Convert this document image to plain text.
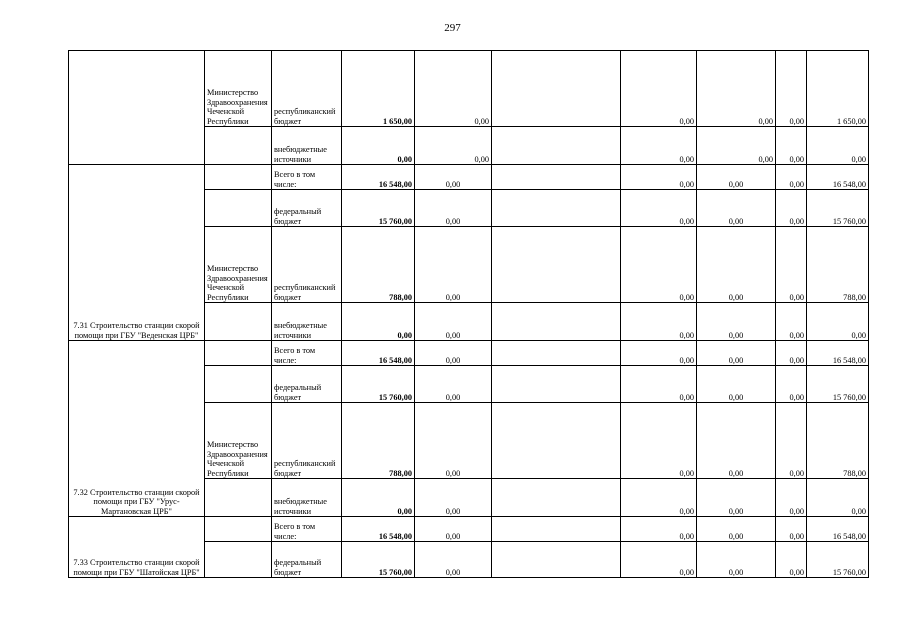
297
	Министерство Здравоохранения Чеченской Республики	республиканский бюджет	1 650,00	0,00		0,00	0,00	0,00	1 650,00
		внебюджетные источники	0,00	0,00		0,00	0,00	0,00	0,00
7.31 Строительство станции скорой помощи при ГБУ "Веденская ЦРБ"		Всего в том числе:	16 548,00	0,00		0,00	0,00	0,00	16 548,00
		федеральный бюджет	15 760,00	0,00		0,00	0,00	0,00	15 760,00
	Министерство Здравоохранения Чеченской Республики	республиканский бюджет	788,00	0,00		0,00	0,00	0,00	788,00
		внебюджетные источники	0,00	0,00		0,00	0,00	0,00	0,00
7.32 Строительство станции скорой помощи при ГБУ "Урус-Мартановская ЦРБ"		Всего в том числе:	16 548,00	0,00		0,00	0,00	0,00	16 548,00
		федеральный бюджет	15 760,00	0,00		0,00	0,00	0,00	15 760,00
	Министерство Здравоохранения Чеченской Республики	республиканский бюджет	788,00	0,00		0,00	0,00	0,00	788,00
		внебюджетные источники	0,00	0,00		0,00	0,00	0,00	0,00
7.33 Строительство станции скорой помощи при ГБУ "Шатойская ЦРБ"		Всего в том числе:	16 548,00	0,00		0,00	0,00	0,00	16 548,00
		федеральный бюджет	15 760,00	0,00		0,00	0,00	0,00	15 760,00
